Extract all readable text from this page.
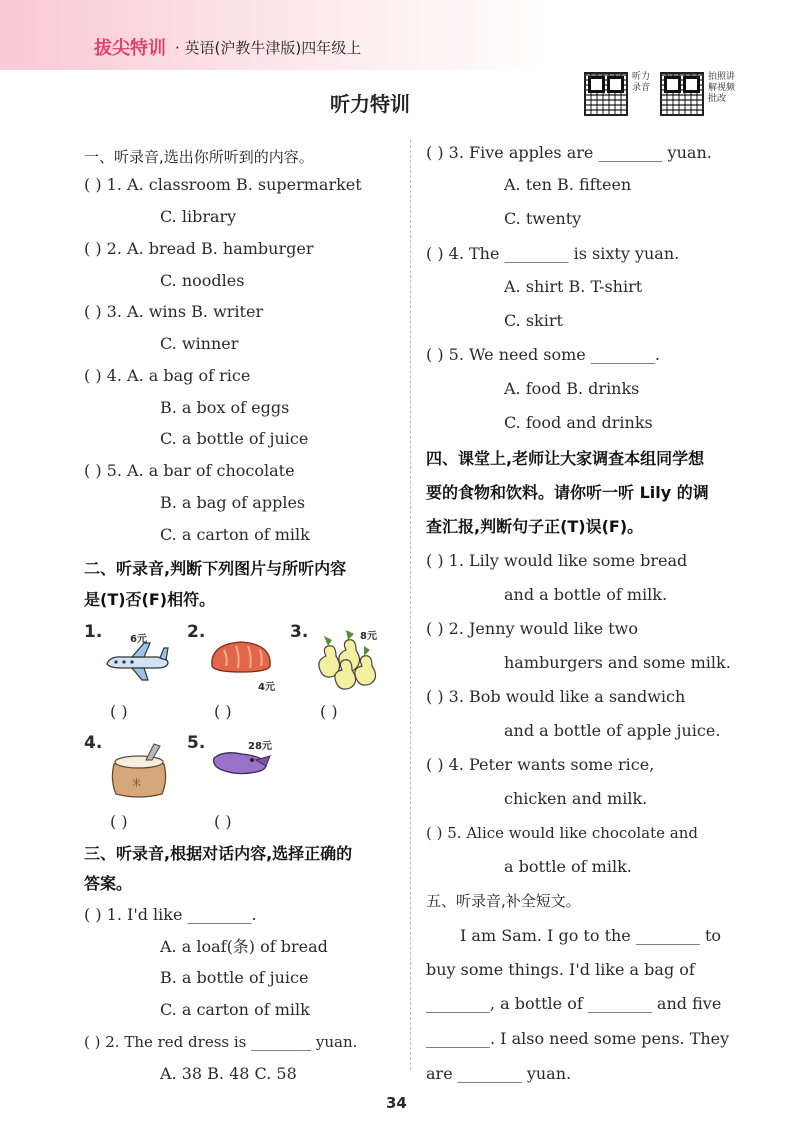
拔尖特训 · 英语(沪教牛津版)四年级上
听力特训
听力录音
拍照讲解视频批改
一、听录音,选出你所听到的内容。
( ) 1. A. classroom B. supermarket
C. library
( ) 2. A. bread B. hamburger
C. noodles
( ) 3. A. wins B. writer
C. winner
( ) 4. A. a bag of rice
B. a box of eggs
C. a bottle of juice
( ) 5. A. a bar of chocolate
B. a bag of apples
C. a carton of milk
二、听录音,判断下列图片与所听内容
是(T)否(F)相符。
1.	6元 2.
4元
3.	8元
( )	( )	( )
4.
米
5.	28元
( )	( )
三、听录音,根据对话内容,选择正确的
答案。
( ) 1. I'd like ________.
A. a loaf(条) of bread
B. a bottle of juice
C. a carton of milk
( ) 2. The red dress is ________ yuan.
A. 38 B. 48 C. 58
( ) 3. Five apples are ________ yuan.
A. ten B. fifteen
C. twenty
( ) 4. The ________ is sixty yuan.
A. shirt B. T-shirt
C. skirt
( ) 5. We need some ________.
A. food B. drinks
C. food and drinks
四、课堂上,老师让大家调查本组同学想
要的食物和饮料。请你听一听 Lily 的调
查汇报,判断句子正(T)误(F)。
( ) 1. Lily would like some bread
and a bottle of milk.
( ) 2. Jenny would like two
hamburgers and some milk.
( ) 3. Bob would like a sandwich
and a bottle of apple juice.
( ) 4. Peter wants some rice,
chicken and milk.
( ) 5. Alice would like chocolate and
a bottle of milk.
五、听录音,补全短文。
I am Sam. I go to the ________ to
buy some things. I'd like a bag of
________, a bottle of ________ and five
________. I also need some pens. They
are ________ yuan.
34
